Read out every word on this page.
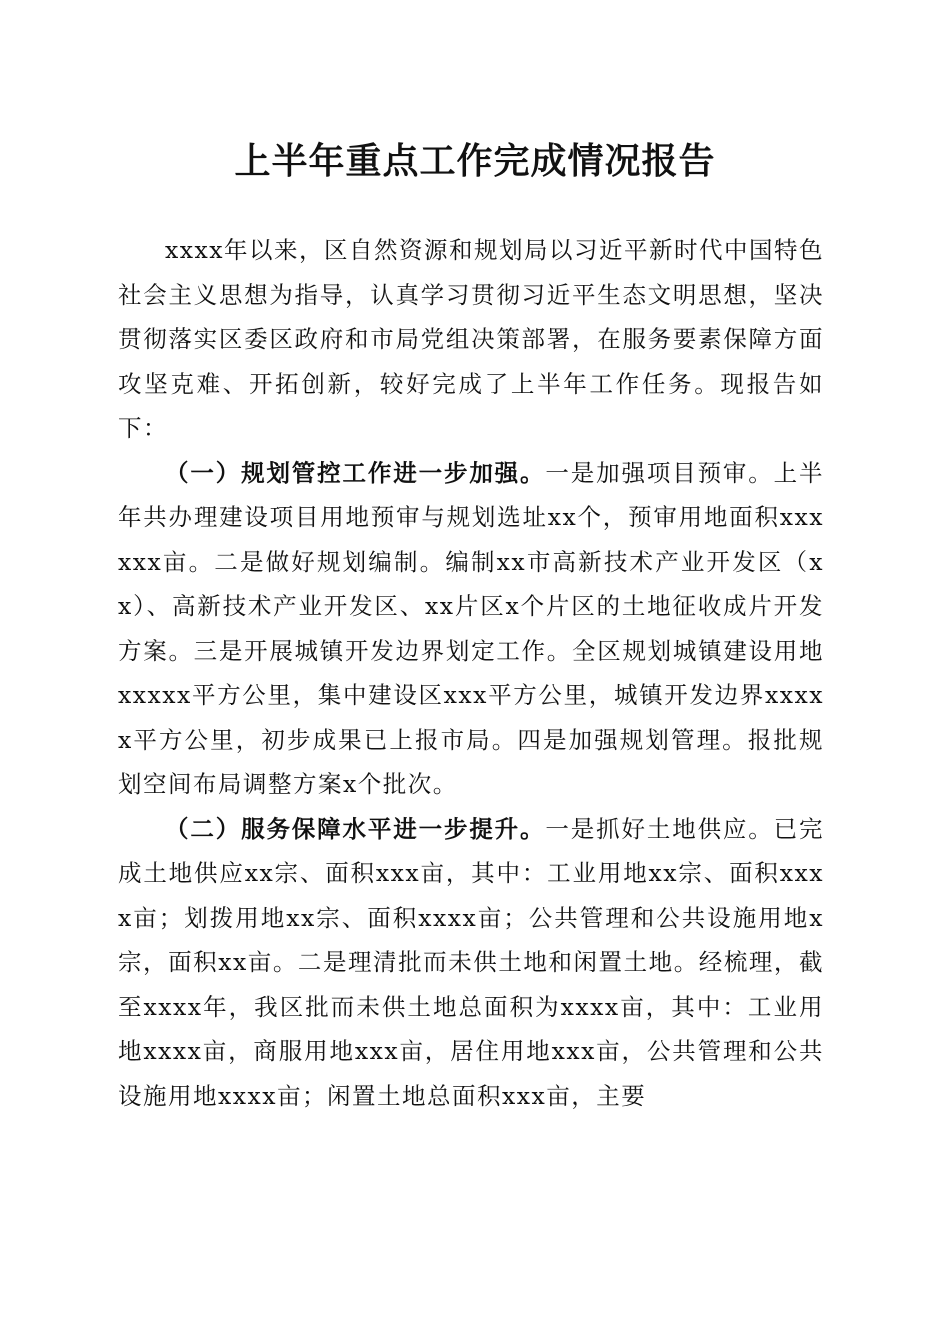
上半年重点工作完成情况报告

xxxx年以来，区自然资源和规划局以习近平新时代中国特色社会主义思想为指导，认真学习贯彻习近平生态文明思想，坚决贯彻落实区委区政府和市局党组决策部署，在服务要素保障方面攻坚克难、开拓创新，较好完成了上半年工作任务。现报告如下：

（一）规划管控工作进一步加强。一是加强项目预审。上半年共办理建设项目用地预审与规划选址xx个，预审用地面积xxxxxx亩。二是做好规划编制。编制xx市高新技术产业开发区（xx）、高新技术产业开发区、xx片区x个片区的土地征收成片开发方案。三是开展城镇开发边界划定工作。全区规划城镇建设用地xxxxx平方公里，集中建设区xxx平方公里，城镇开发边界xxxxx平方公里，初步成果已上报市局。四是加强规划管理。报批规划空间布局调整方案x个批次。

（二）服务保障水平进一步提升。一是抓好土地供应。已完成土地供应xx宗、面积xxx亩，其中：工业用地xx宗、面积xxxx亩；划拨用地xx宗、面积xxxx亩；公共管理和公共设施用地x宗，面积xx亩。二是理清批而未供土地和闲置土地。经梳理，截至xxxx年，我区批而未供土地总面积为xxxx亩，其中：工业用地xxxx亩，商服用地xxx亩，居住用地xxx亩，公共管理和公共设施用地xxxx亩；闲置土地总面积xxx亩，主要
